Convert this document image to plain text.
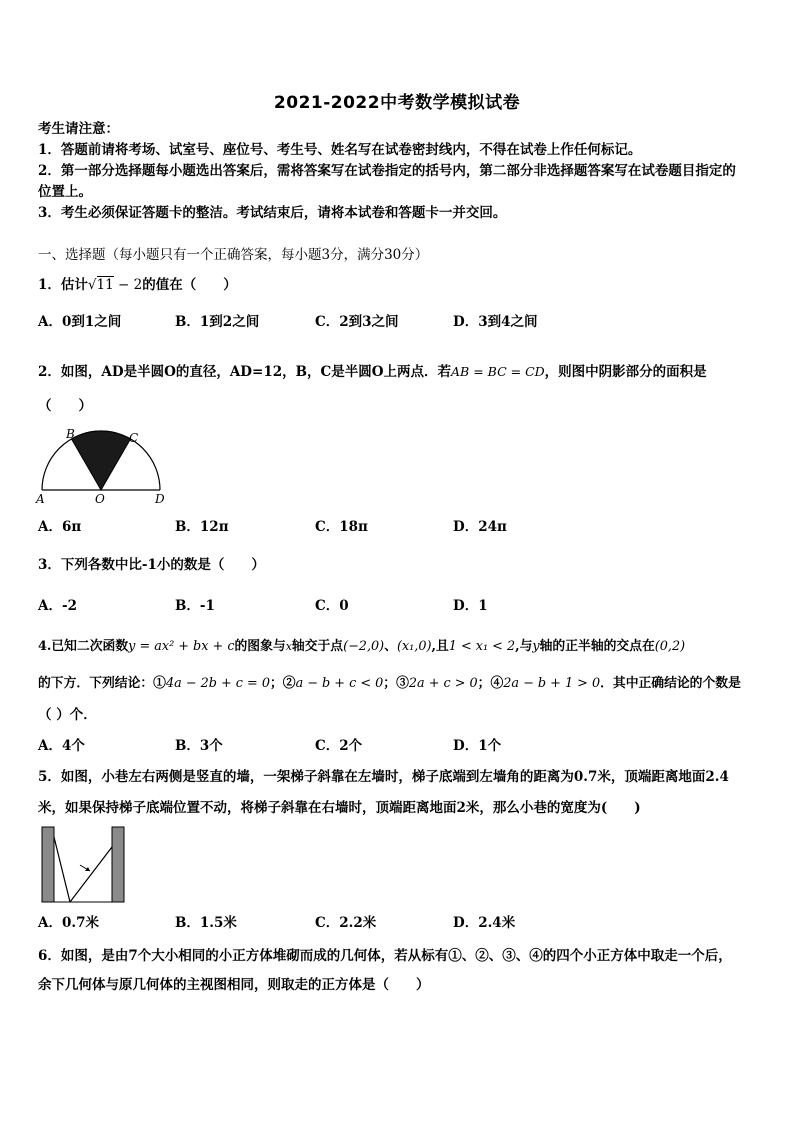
2021-2022中考数学模拟试卷
考生请注意：
1．答题前请将考场、试室号、座位号、考生号、姓名写在试卷密封线内，不得在试卷上作任何标记。
2．第一部分选择题每小题选出答案后，需将答案写在试卷指定的括号内，第二部分非选择题答案写在试卷题目指定的
位置上。
3．考生必须保证答题卡的整洁。考试结束后，请将本试卷和答题卡一并交回。
一、选择题（每小题只有一个正确答案，每小题3分，满分30分）
1．估计√11 − 2的值在（　　）
A．0到1之间	B．1到2之间	C．2到3之间	D．3到4之间
2．如图，AD是半圆O的直径，AD=12，B，C是半圆O上两点．若AB = BC = CD，则图中阴影部分的面积是
（　　）
B	C
A	O	D
A．6π	B．12π	C．18π	D．24π
3．下列各数中比-1小的数是（　　）
A．-2	B．-1	C．0	D．1
4.已知二次函数y = ax² + bx + c的图象与x轴交于点(−2,0)、(x₁,0),且1 < x₁ < 2,与y轴的正半轴的交点在(0,2)
的下方．下列结论：①4a − 2b + c = 0；②a − b + c < 0；③2a + c > 0；④2a − b + 1 > 0．其中正确结论的个数是
（ ）个．
A．4个	B．3个	C．2个	D．1个
5．如图，小巷左右两侧是竖直的墙，一架梯子斜靠在左墙时，梯子底端到左墙角的距离为0.7米，顶端距离地面2.4
米，如果保持梯子底端位置不动，将梯子斜靠在右墙时，顶端距离地面2米，那么小巷的宽度为(　　)
A．0.7米	B．1.5米	C．2.2米	D．2.4米
6．如图，是由7个大小相同的小正方体堆砌而成的几何体，若从标有①、②、③、④的四个小正方体中取走一个后，
余下几何体与原几何体的主视图相同，则取走的正方体是（　　）
